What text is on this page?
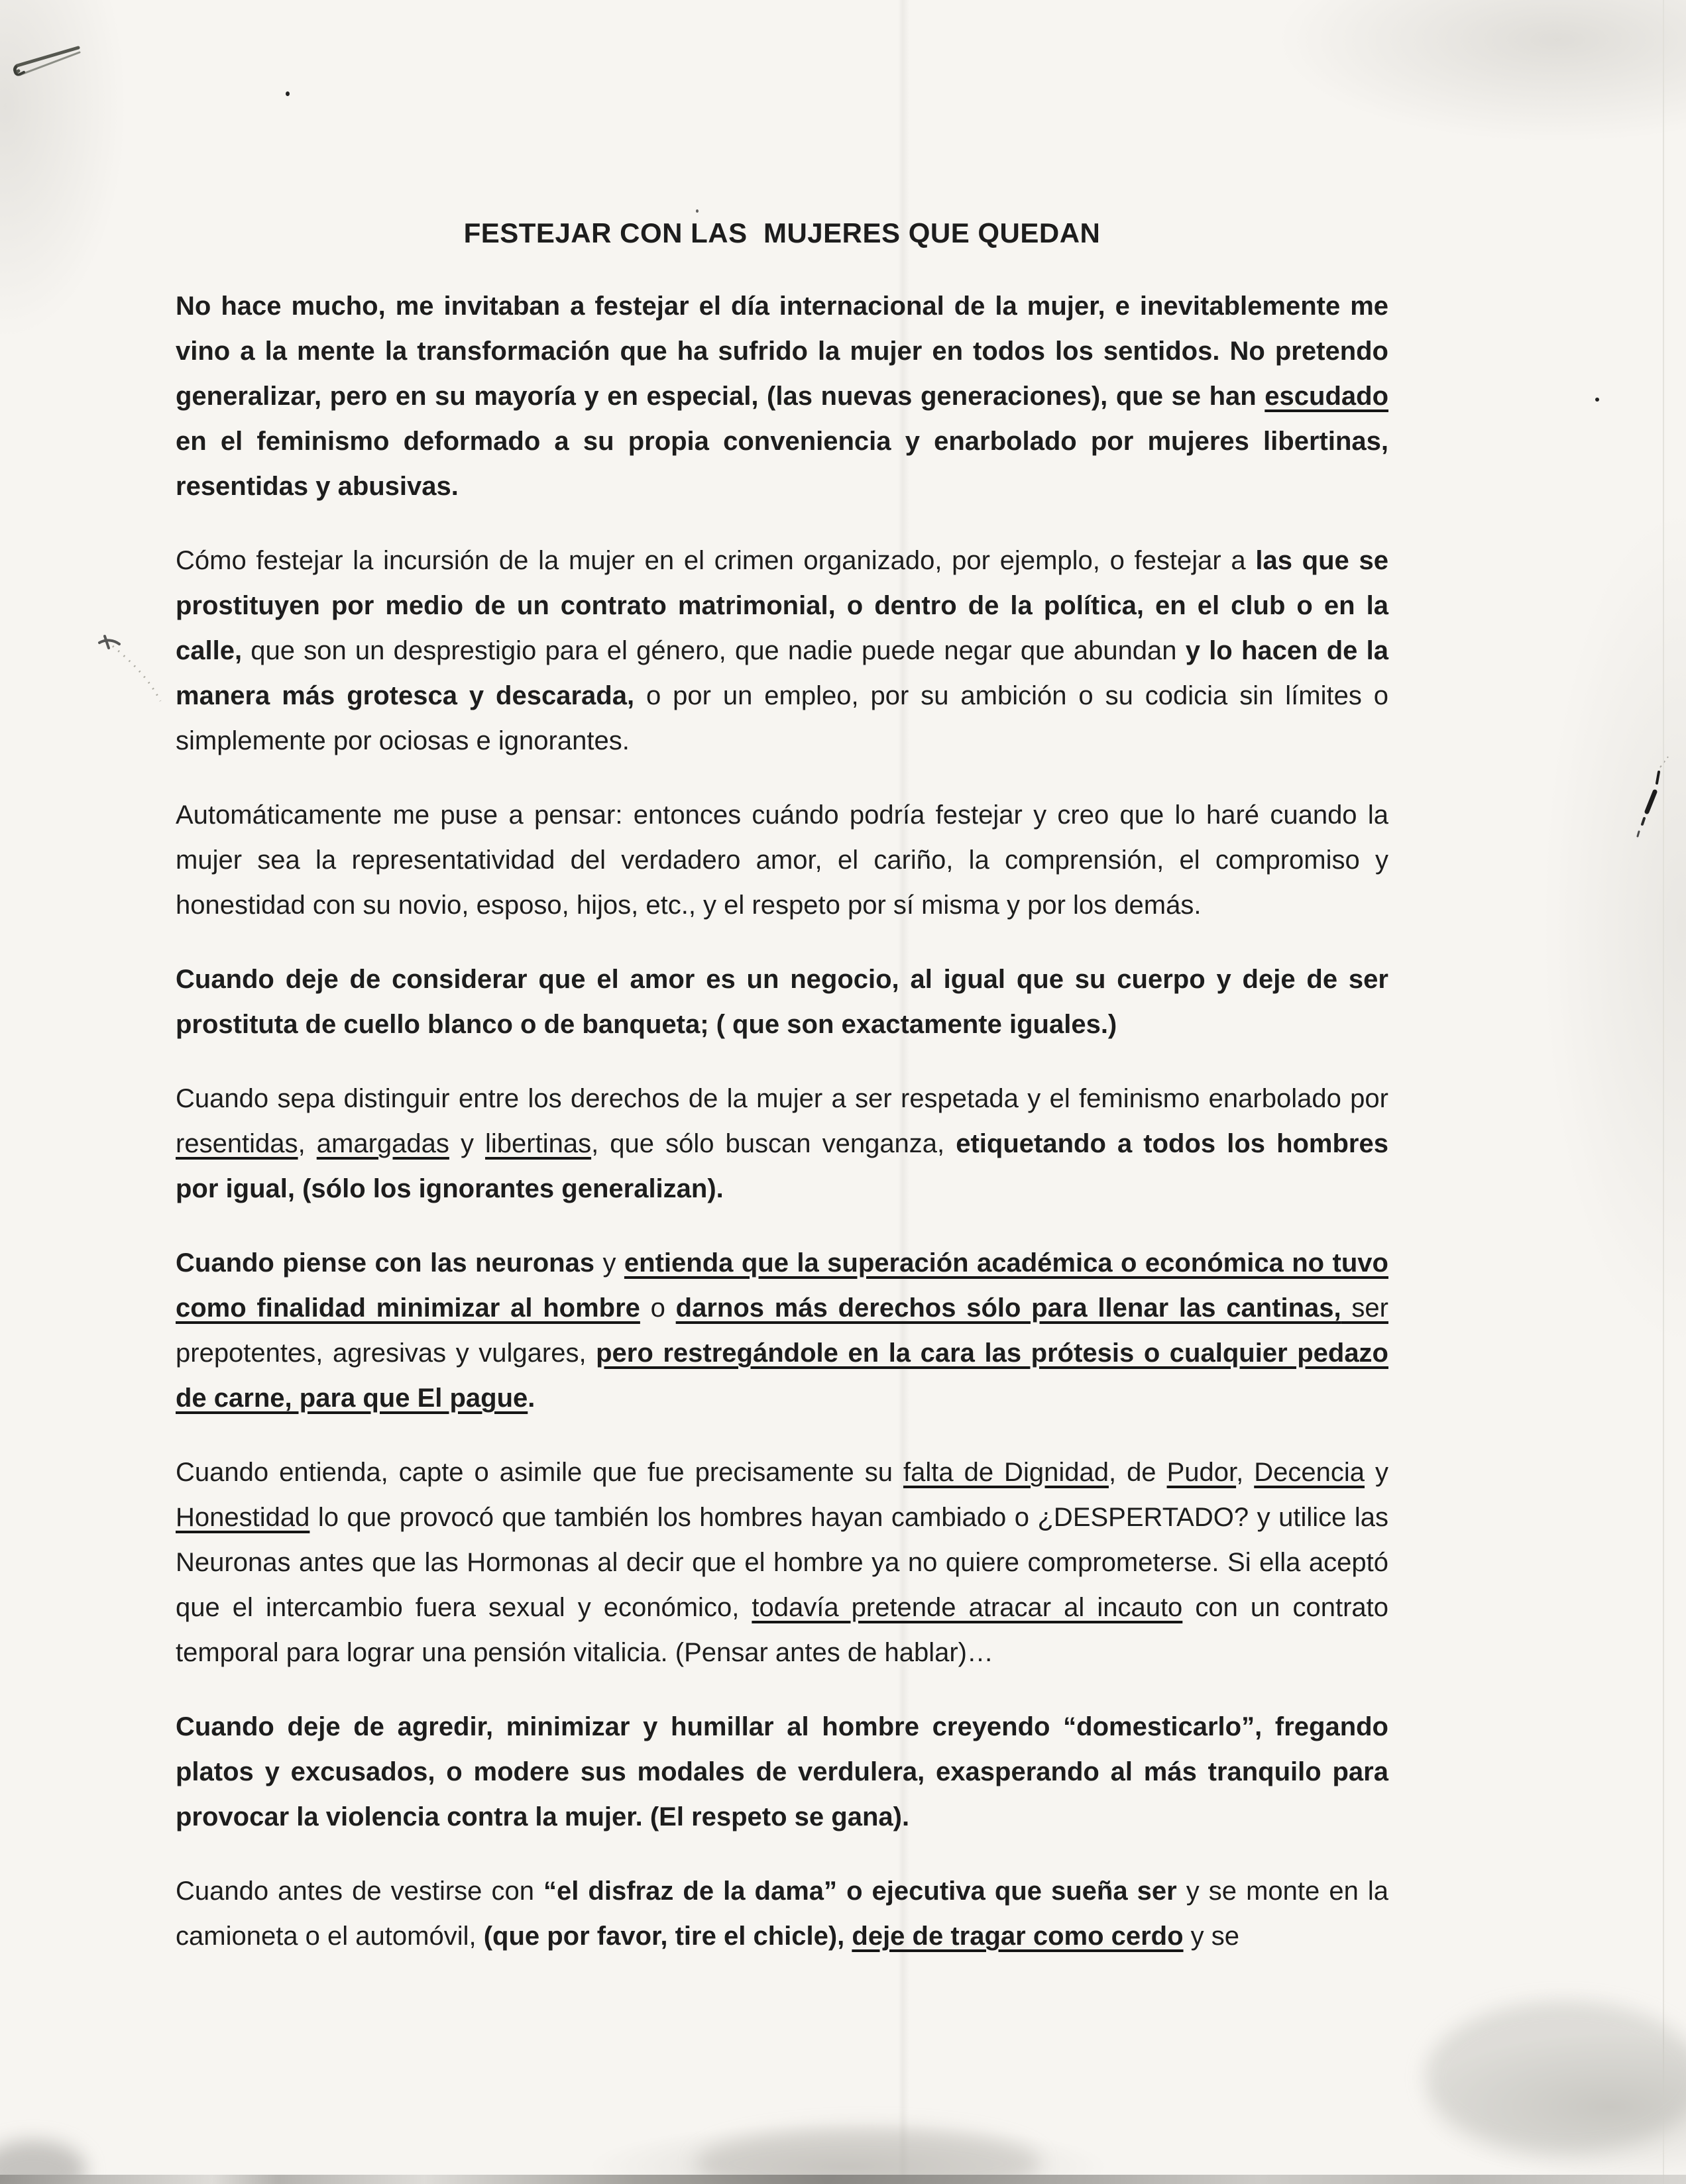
FESTEJAR CON LAS  MUJERES QUE QUEDAN

No hace mucho, me invitaban a festejar el día internacional de la mujer, e inevitablemente me vino a la mente la transformación que ha sufrido la mujer en todos los sentidos. No pretendo generalizar, pero en su mayoría y en especial, (las nuevas generaciones), que se han escudado en el feminismo deformado a su propia conveniencia y enarbolado por mujeres libertinas, resentidas y abusivas.

Cómo festejar la incursión de la mujer en el crimen organizado, por ejemplo, o festejar a las que se prostituyen por medio de un contrato matrimonial, o dentro de la política, en el club o en la calle, que son un desprestigio para el género, que nadie puede negar que abundan y lo hacen de la manera más grotesca y descarada, o por un empleo, por su ambición o su codicia sin límites o simplemente por ociosas e ignorantes.

Automáticamente me puse a pensar: entonces cuándo podría festejar y creo que lo haré cuando la mujer sea la representatividad del verdadero amor, el cariño, la comprensión, el compromiso y honestidad con su novio, esposo, hijos, etc., y el respeto por sí misma y por los demás.

Cuando deje de considerar que el amor es un negocio, al igual que su cuerpo y deje de ser prostituta de cuello blanco o de banqueta; ( que son exactamente iguales.)

Cuando sepa distinguir entre los derechos de la mujer a ser respetada y el feminismo enarbolado por resentidas, amargadas y libertinas, que sólo buscan venganza, etiquetando a todos los hombres por igual, (sólo los ignorantes generalizan).

Cuando piense con las neuronas y entienda que la superación académica o económica no tuvo como finalidad minimizar al hombre o darnos más derechos sólo para llenar las cantinas, ser prepotentes, agresivas y vulgares, pero restregándole en la cara las prótesis o cualquier pedazo de carne, para que El pague.

Cuando entienda, capte o asimile que fue precisamente su falta de Dignidad, de Pudor, Decencia y Honestidad lo que provocó que también los hombres hayan cambiado o ¿DESPERTADO? y utilice las Neuronas antes que las Hormonas al decir que el hombre ya no quiere comprometerse. Si ella aceptó que el intercambio fuera sexual y económico, todavía pretende atracar al incauto con un contrato temporal para lograr una pensión vitalicia. (Pensar antes de hablar)…

Cuando deje de agredir, minimizar y humillar al hombre creyendo “domesticarlo”, fregando platos y excusados, o modere sus modales de verdulera, exasperando al más tranquilo para provocar la violencia contra la mujer. (El respeto se gana).

Cuando antes de vestirse con “el disfraz de la dama” o ejecutiva que sueña ser y se monte en la camioneta o el automóvil, (que por favor, tire el chicle), deje de tragar como cerdo y se
